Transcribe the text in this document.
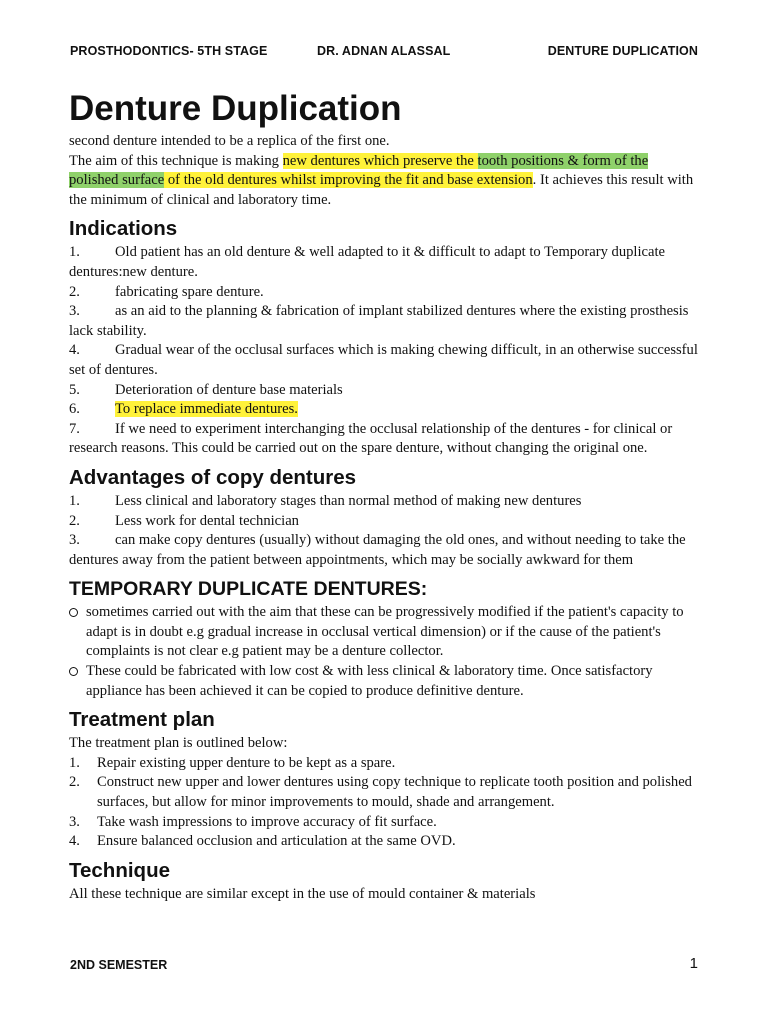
PROSTHODONTICS- 5TH STAGE	DR. ADNAN ALASSAL	DENTURE DUPLICATION
Denture Duplication

second denture intended to be a replica of the first one.

The aim of this technique is making new dentures which preserve the tooth positions & form of the polished surface of the old dentures whilst improving the fit and base extension. It achieves this result with the minimum of clinical and laboratory time.

Indications
1. Old patient has an old denture & well adapted to it & difficult to adapt to Temporary duplicate dentures:new denture.
2. fabricating spare denture.
3. as an aid to the planning & fabrication of implant stabilized dentures where the existing prosthesis lack stability.
4. Gradual wear of the occlusal surfaces which is making chewing difficult, in an otherwise successful set of dentures.
5. Deterioration of denture base materials
6. To replace immediate dentures.
7. If we need to experiment interchanging the occlusal relationship of the dentures - for clinical or research reasons. This could be carried out on the spare denture, without changing the original one.
Advantages of copy dentures
1. Less clinical and laboratory stages than normal method of making new dentures
2. Less work for dental technician
3. can make copy dentures (usually) without damaging the old ones, and without needing to take the dentures away from the patient between appointments, which may be socially awkward for them
TEMPORARY DUPLICATE DENTURES:
sometimes carried out with the aim that these can be progressively modified if the patient's capacity to adapt is in doubt e.g gradual increase in occlusal vertical dimension) or if the cause of the patient's complaints is not clear e.g patient may be a denture collector.
These could be fabricated with low cost & with less clinical & laboratory time. Once satisfactory appliance has been achieved it can be copied to produce definitive denture.
Treatment plan

The treatment plan is outlined below:

1. Repair existing upper denture to be kept as a spare.
2. Construct new upper and lower dentures using copy technique to replicate tooth position and polished surfaces, but allow for minor improvements to mould, shade and arrangement.
3. Take wash impressions to improve accuracy of fit surface.
4. Ensure balanced occlusion and articulation at the same OVD.
Technique

All these technique are similar except in the use of mould container & materials

2ND SEMESTER	1
